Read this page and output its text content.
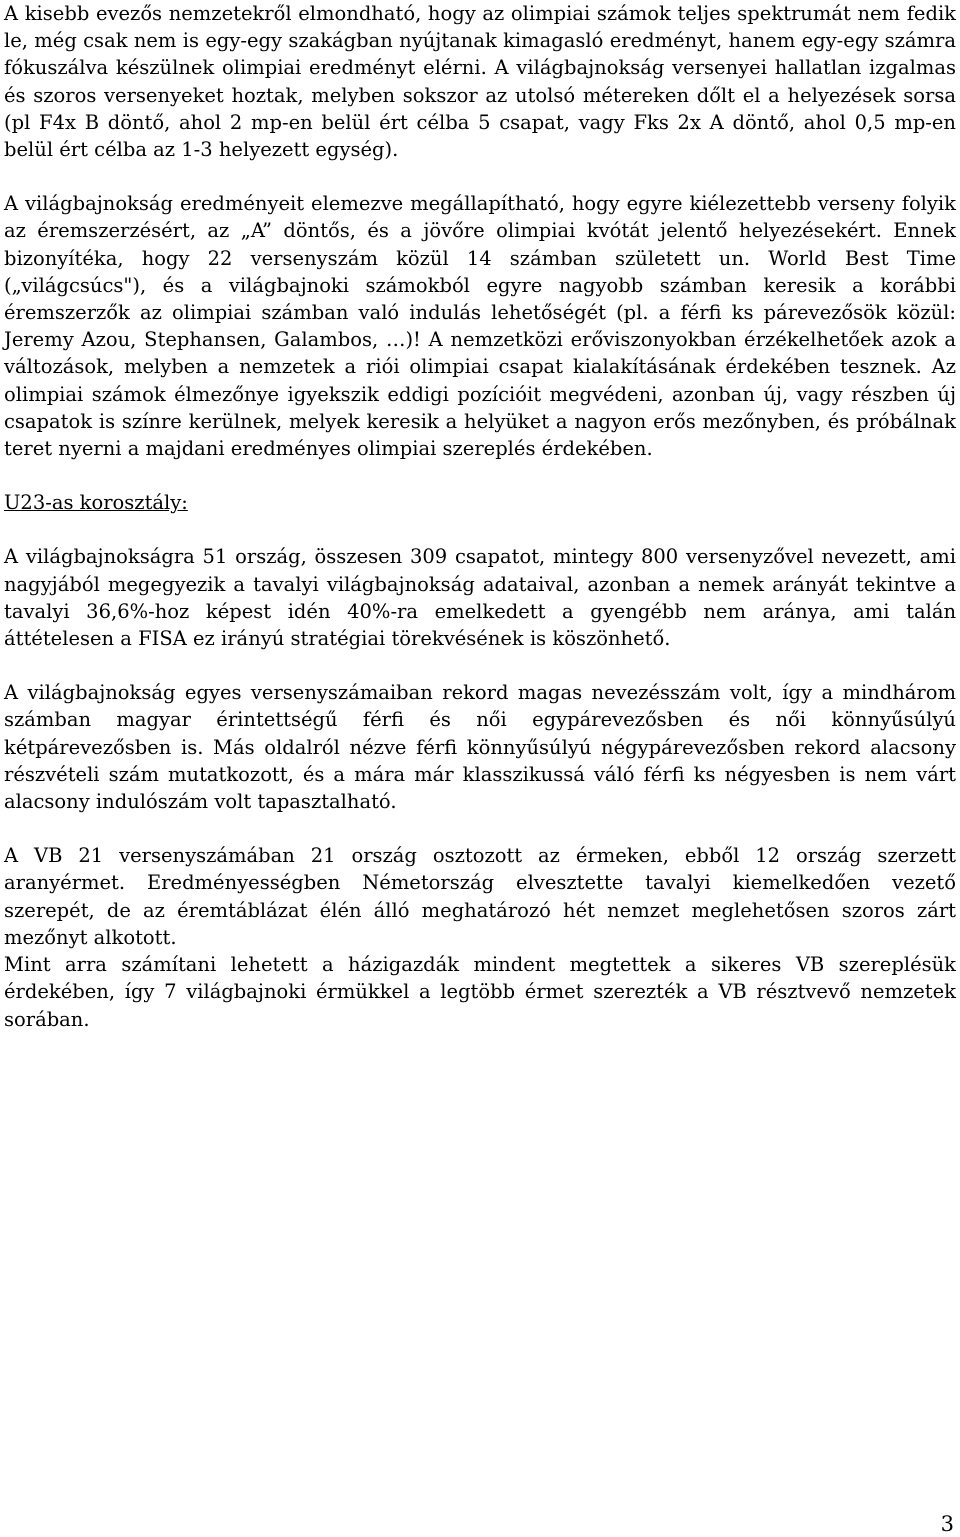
A kisebb evezős nemzetekről elmondható, hogy az olimpiai számok teljes spektrumát nem fedik le, még csak nem is egy-egy szakágban nyújtanak kimagasló eredményt, hanem egy-egy számra fókuszálva készülnek olimpiai eredményt elérni. A világbajnokság versenyei hallatlan izgalmas és szoros versenyeket hoztak, melyben sokszor az utolsó métereken dőlt el a helyezések sorsa (pl F4x B döntő, ahol 2 mp-en belül ért célba 5 csapat, vagy Fks 2x A döntő, ahol 0,5 mp-en belül ért célba az 1-3 helyezett egység).

A világbajnokság eredményeit elemezve megállapítható, hogy egyre kiélezettebb verseny folyik az éremszerzésért, az „A” döntős, és a jövőre olimpiai kvótát jelentő helyezésekért. Ennek bizonyítéka, hogy 22 versenyszám közül 14 számban született un. World Best Time („világcsúcs"), és a világbajnoki számokból egyre nagyobb számban keresik a korábbi éremszerzők az olimpiai számban való indulás lehetőségét (pl. a férfi ks párevezősök közül: Jeremy Azou, Stephansen, Galambos, …)! A nemzetközi erőviszonyokban érzékelhetőek azok a változások, melyben a nemzetek a riói olimpiai csapat kialakításának érdekében tesznek. Az olimpiai számok élmezőnye igyekszik eddigi pozícióit megvédeni, azonban új, vagy részben új csapatok is színre kerülnek, melyek keresik a helyüket a nagyon erős mezőnyben, és próbálnak teret nyerni a majdani eredményes olimpiai szereplés érdekében.

U23-as korosztály:

A világbajnokságra 51 ország, összesen 309 csapatot, mintegy 800 versenyzővel nevezett, ami nagyjából megegyezik a tavalyi világbajnokság adataival, azonban a nemek arányát tekintve a tavalyi 36,6%-hoz képest idén 40%-ra emelkedett a gyengébb nem aránya, ami talán áttételesen a FISA ez irányú stratégiai törekvésének is köszönhető.

A világbajnokság egyes versenyszámaiban rekord magas nevezésszám volt, így a mindhárom számban magyar érintettségű férfi és női egypárevezősben és női könnyűsúlyú kétpárevezősben is. Más oldalról nézve férfi könnyűsúlyú négypárevezősben rekord alacsony részvételi szám mutatkozott, és a mára már klasszikussá váló férfi ks négyesben is nem várt alacsony indulószám volt tapasztalható.

A VB 21 versenyszámában 21 ország osztozott az érmeken, ebből 12 ország szerzett aranyérmet. Eredményességben Németország elvesztette tavalyi kiemelkedően vezető szerepét, de az éremtáblázat élén álló meghatározó hét nemzet meglehetősen szoros zárt mezőnyt alkotott.

Mint arra számítani lehetett a házigazdák mindent megtettek a sikeres VB szereplésük érdekében, így 7 világbajnoki érmükkel a legtöbb érmet szerezték a VB résztvevő nemzetek sorában.

3
